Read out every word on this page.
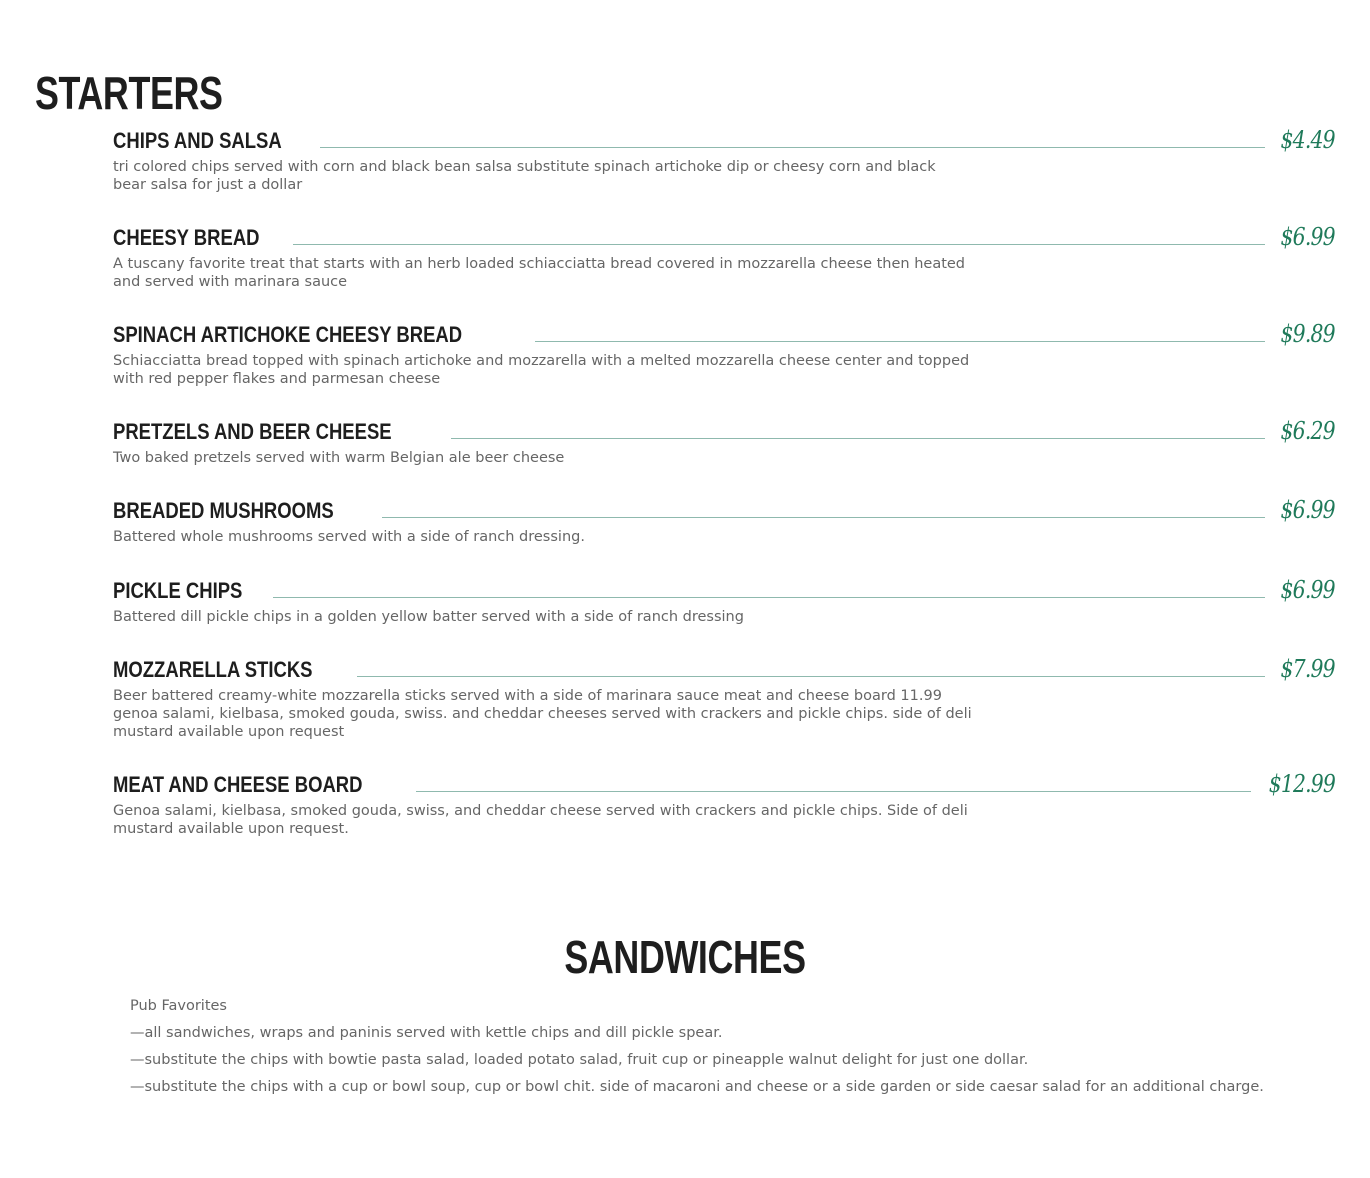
STARTERS
CHIPS AND SALSA	$4.49
tri colored chips served with corn and black bean salsa substitute spinach artichoke dip or cheesy corn and black bear salsa for just a dollar
CHEESY BREAD	$6.99
A tuscany favorite treat that starts with an herb loaded schiacciatta bread covered in mozzarella cheese then heated and served with marinara sauce
SPINACH ARTICHOKE CHEESY BREAD	$9.89
Schiacciatta bread topped with spinach artichoke and mozzarella with a melted mozzarella cheese center and topped with red pepper flakes and parmesan cheese
PRETZELS AND BEER CHEESE	$6.29
Two baked pretzels served with warm Belgian ale beer cheese
BREADED MUSHROOMS	$6.99
Battered whole mushrooms served with a side of ranch dressing.
PICKLE CHIPS	$6.99
Battered dill pickle chips in a golden yellow batter served with a side of ranch dressing
MOZZARELLA STICKS	$7.99
Beer battered creamy-white mozzarella sticks served with a side of marinara sauce meat and cheese board 11.99 genoa salami, kielbasa, smoked gouda, swiss. and cheddar cheeses served with crackers and pickle chips. side of deli mustard available upon request
MEAT AND CHEESE BOARD	$12.99
Genoa salami, kielbasa, smoked gouda, swiss, and cheddar cheese served with crackers and pickle chips. Side of deli mustard available upon request.
SANDWICHES
Pub Favorites
—all sandwiches, wraps and paninis served with kettle chips and dill pickle spear.
—substitute the chips with bowtie pasta salad, loaded potato salad, fruit cup or pineapple walnut delight for just one dollar.
—substitute the chips with a cup or bowl soup, cup or bowl chit. side of macaroni and cheese or a side garden or side caesar salad for an additional charge.
